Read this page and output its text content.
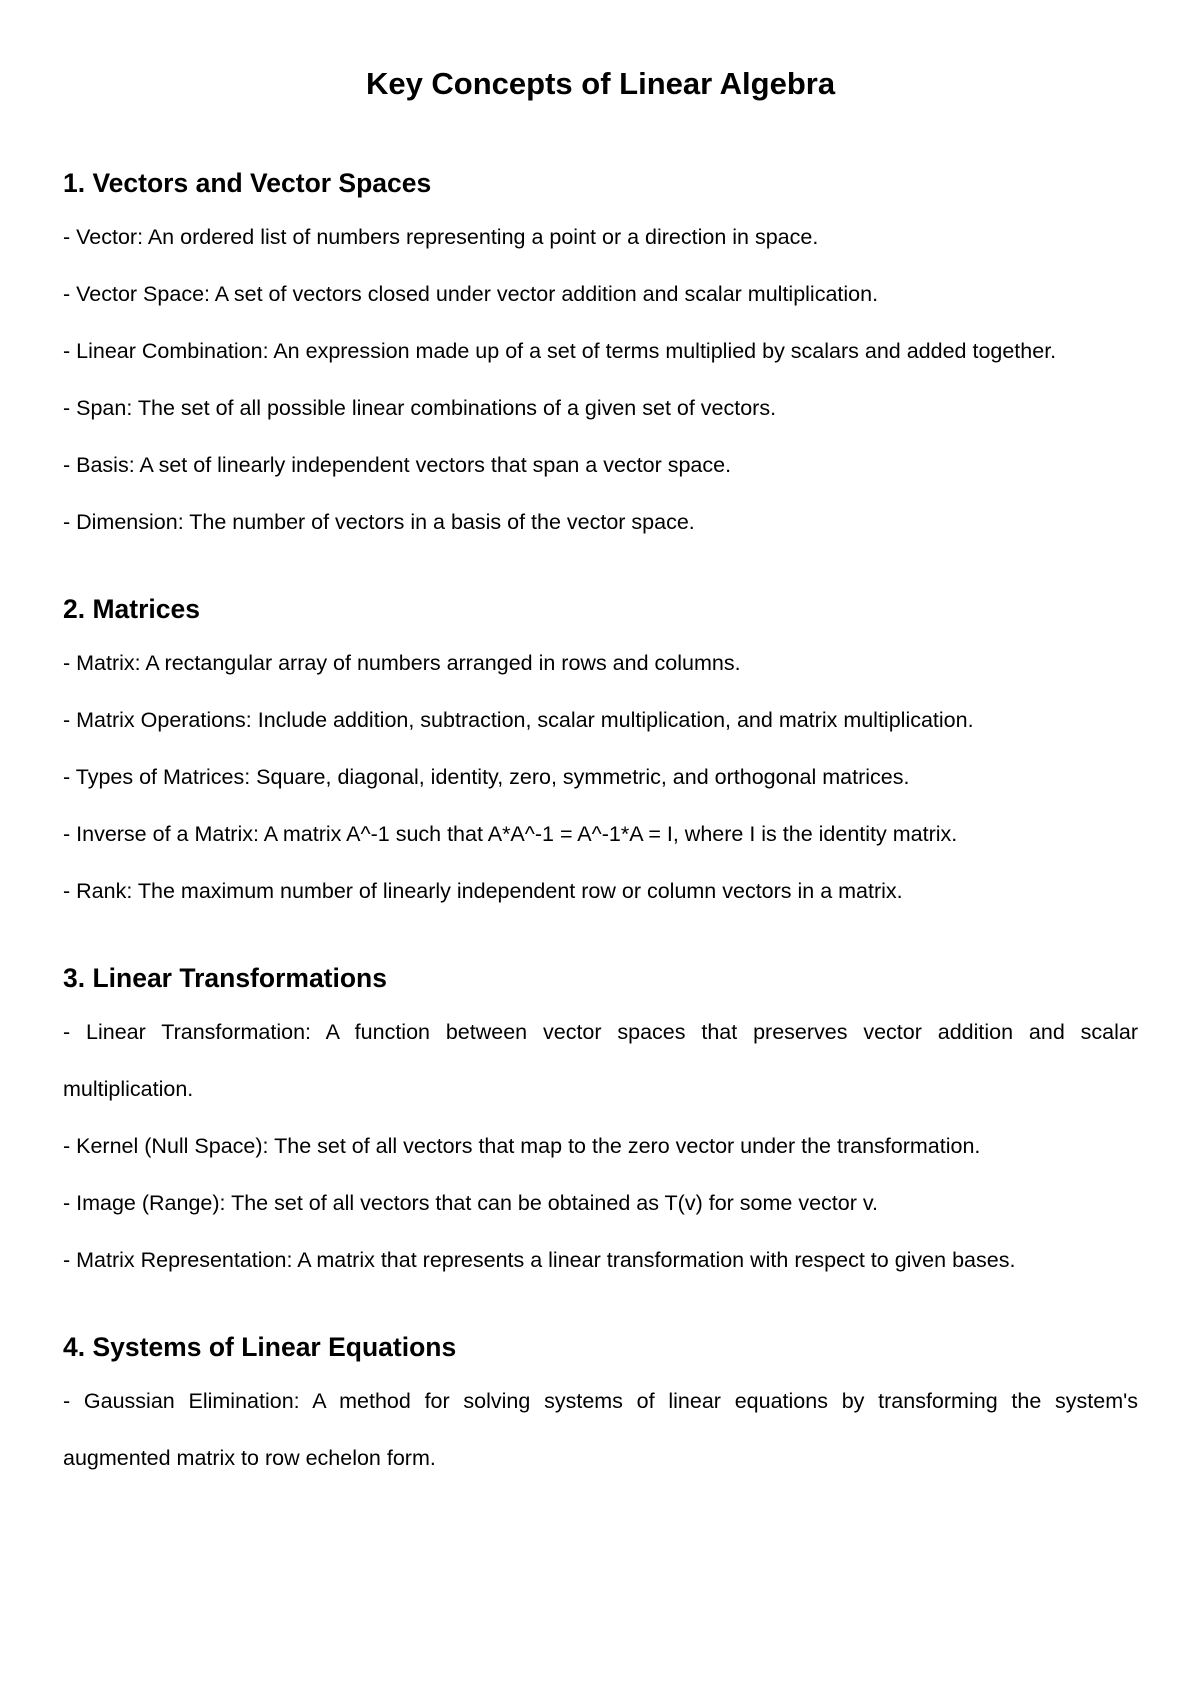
Key Concepts of Linear Algebra
1. Vectors and Vector Spaces
- Vector: An ordered list of numbers representing a point or a direction in space.
- Vector Space: A set of vectors closed under vector addition and scalar multiplication.
- Linear Combination: An expression made up of a set of terms multiplied by scalars and added together.
- Span: The set of all possible linear combinations of a given set of vectors.
- Basis: A set of linearly independent vectors that span a vector space.
- Dimension: The number of vectors in a basis of the vector space.
2. Matrices
- Matrix: A rectangular array of numbers arranged in rows and columns.
- Matrix Operations: Include addition, subtraction, scalar multiplication, and matrix multiplication.
- Types of Matrices: Square, diagonal, identity, zero, symmetric, and orthogonal matrices.
- Inverse of a Matrix: A matrix A^-1 such that A*A^-1 = A^-1*A = I, where I is the identity matrix.
- Rank: The maximum number of linearly independent row or column vectors in a matrix.
3. Linear Transformations
- Linear Transformation: A function between vector spaces that preserves vector addition and scalar multiplication.
- Kernel (Null Space): The set of all vectors that map to the zero vector under the transformation.
- Image (Range): The set of all vectors that can be obtained as T(v) for some vector v.
- Matrix Representation: A matrix that represents a linear transformation with respect to given bases.
4. Systems of Linear Equations
- Gaussian Elimination: A method for solving systems of linear equations by transforming the system's augmented matrix to row echelon form.
